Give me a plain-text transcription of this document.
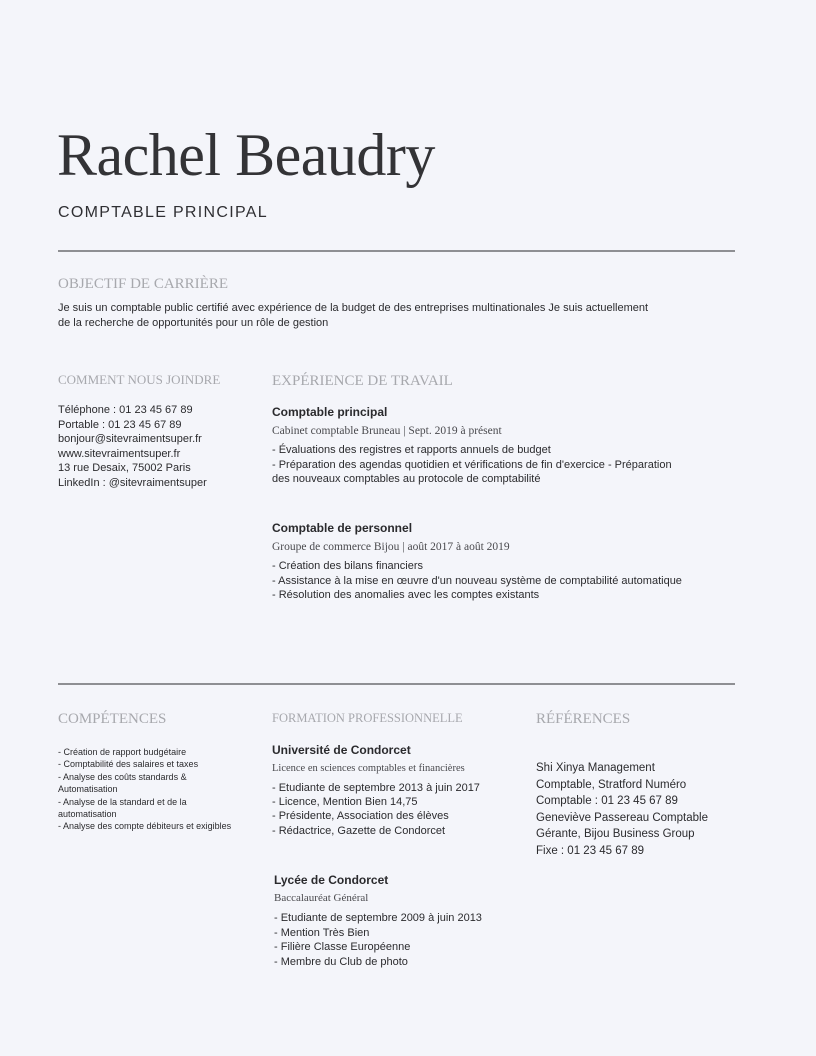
Rachel Beaudry
COMPTABLE PRINCIPAL
OBJECTIF DE CARRIÈRE
Je suis un comptable public certifié avec expérience de la budget de des entreprises multinationales Je suis actuellement
de la recherche de opportunités pour un rôle de gestion
COMMENT NOUS JOINDRE
Téléphone : 01 23 45 67 89
Portable : 01 23 45 67 89
bonjour@sitevraimentsuper.fr
www.sitevraimentsuper.fr
13 rue Desaix, 75002 Paris
LinkedIn : @sitevraimentsuper
EXPÉRIENCE DE TRAVAIL
Comptable principal
Cabinet comptable Bruneau | Sept. 2019 à présent
- Évaluations des registres et rapports annuels de budget
- Préparation des agendas quotidien et vérifications de fin d'exercice - Préparation
des nouveaux comptables au protocole de comptabilité
Comptable de personnel
Groupe de commerce Bijou | août 2017 à août 2019
- Création des bilans financiers
- Assistance à la mise en œuvre d'un nouveau système de comptabilité automatique
- Résolution des anomalies avec les comptes existants
COMPÉTENCES
- Création de rapport budgétaire
- Comptabilité des salaires et taxes
- Analyse des coûts standards &
Automatisation
- Analyse de la standard et de la
automatisation
- Analyse des compte débiteurs et exigibles
FORMATION PROFESSIONNELLE
Université de Condorcet
Licence en sciences comptables et financières
- Etudiante de septembre 2013 à juin 2017
- Licence, Mention Bien 14,75
- Présidente, Association des élèves
- Rédactrice, Gazette de Condorcet
Lycée de Condorcet
Baccalauréat Général
- Etudiante de septembre 2009 à juin 2013
- Mention Très Bien
- Filière Classe Européenne
- Membre du Club de photo
RÉFÉRENCES
Shi Xinya Management
Comptable, Stratford Numéro
Comptable : 01 23 45 67 89
Geneviève Passereau Comptable
Gérante, Bijou Business Group
Fixe : 01 23 45 67 89
